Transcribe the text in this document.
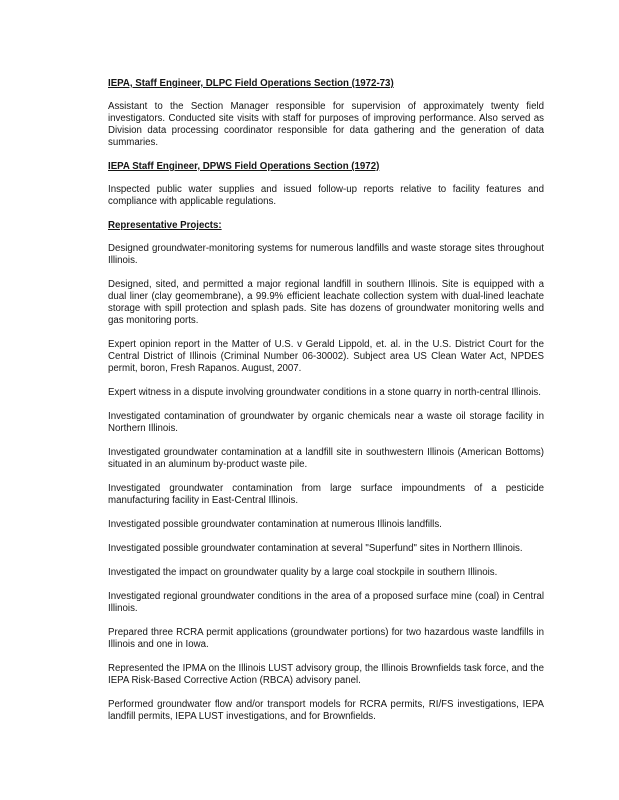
IEPA, Staff Engineer, DLPC Field Operations Section (1972-73)
Assistant to the Section Manager responsible for supervision of approximately twenty field investigators. Conducted site visits with staff for purposes of improving performance. Also served as Division data processing coordinator responsible for data gathering and the generation of data summaries.
IEPA Staff Engineer, DPWS Field Operations Section (1972)
Inspected public water supplies and issued follow-up reports relative to facility features and compliance with applicable regulations.
Representative Projects:
Designed groundwater-monitoring systems for numerous landfills and waste storage sites throughout Illinois.
Designed, sited, and permitted a major regional landfill in southern Illinois. Site is equipped with a dual liner (clay geomembrane), a 99.9% efficient leachate collection system with dual-lined leachate storage with spill protection and splash pads. Site has dozens of groundwater monitoring wells and gas monitoring ports.
Expert opinion report in the Matter of U.S. v Gerald Lippold, et. al. in the U.S. District Court for the Central District of Illinois (Criminal Number 06-30002). Subject area US Clean Water Act, NPDES permit, boron, Fresh Rapanos. August, 2007.
Expert witness in a dispute involving groundwater conditions in a stone quarry in north-central Illinois.
Investigated contamination of groundwater by organic chemicals near a waste oil storage facility in Northern Illinois.
Investigated groundwater contamination at a landfill site in southwestern Illinois (American Bottoms) situated in an aluminum by-product waste pile.
Investigated groundwater contamination from large surface impoundments of a pesticide manufacturing facility in East-Central Illinois.
Investigated possible groundwater contamination at numerous Illinois landfills.
Investigated possible groundwater contamination at several "Superfund" sites in Northern Illinois.
Investigated the impact on groundwater quality by a large coal stockpile in southern Illinois.
Investigated regional groundwater conditions in the area of a proposed surface mine (coal) in Central Illinois.
Prepared three RCRA permit applications (groundwater portions) for two hazardous waste landfills in Illinois and one in Iowa.
Represented the IPMA on the Illinois LUST advisory group, the Illinois Brownfields task force, and the IEPA Risk-Based Corrective Action (RBCA) advisory panel.
Performed groundwater flow and/or transport models for RCRA permits, RI/FS investigations, IEPA landfill permits, IEPA LUST investigations, and for Brownfields.
